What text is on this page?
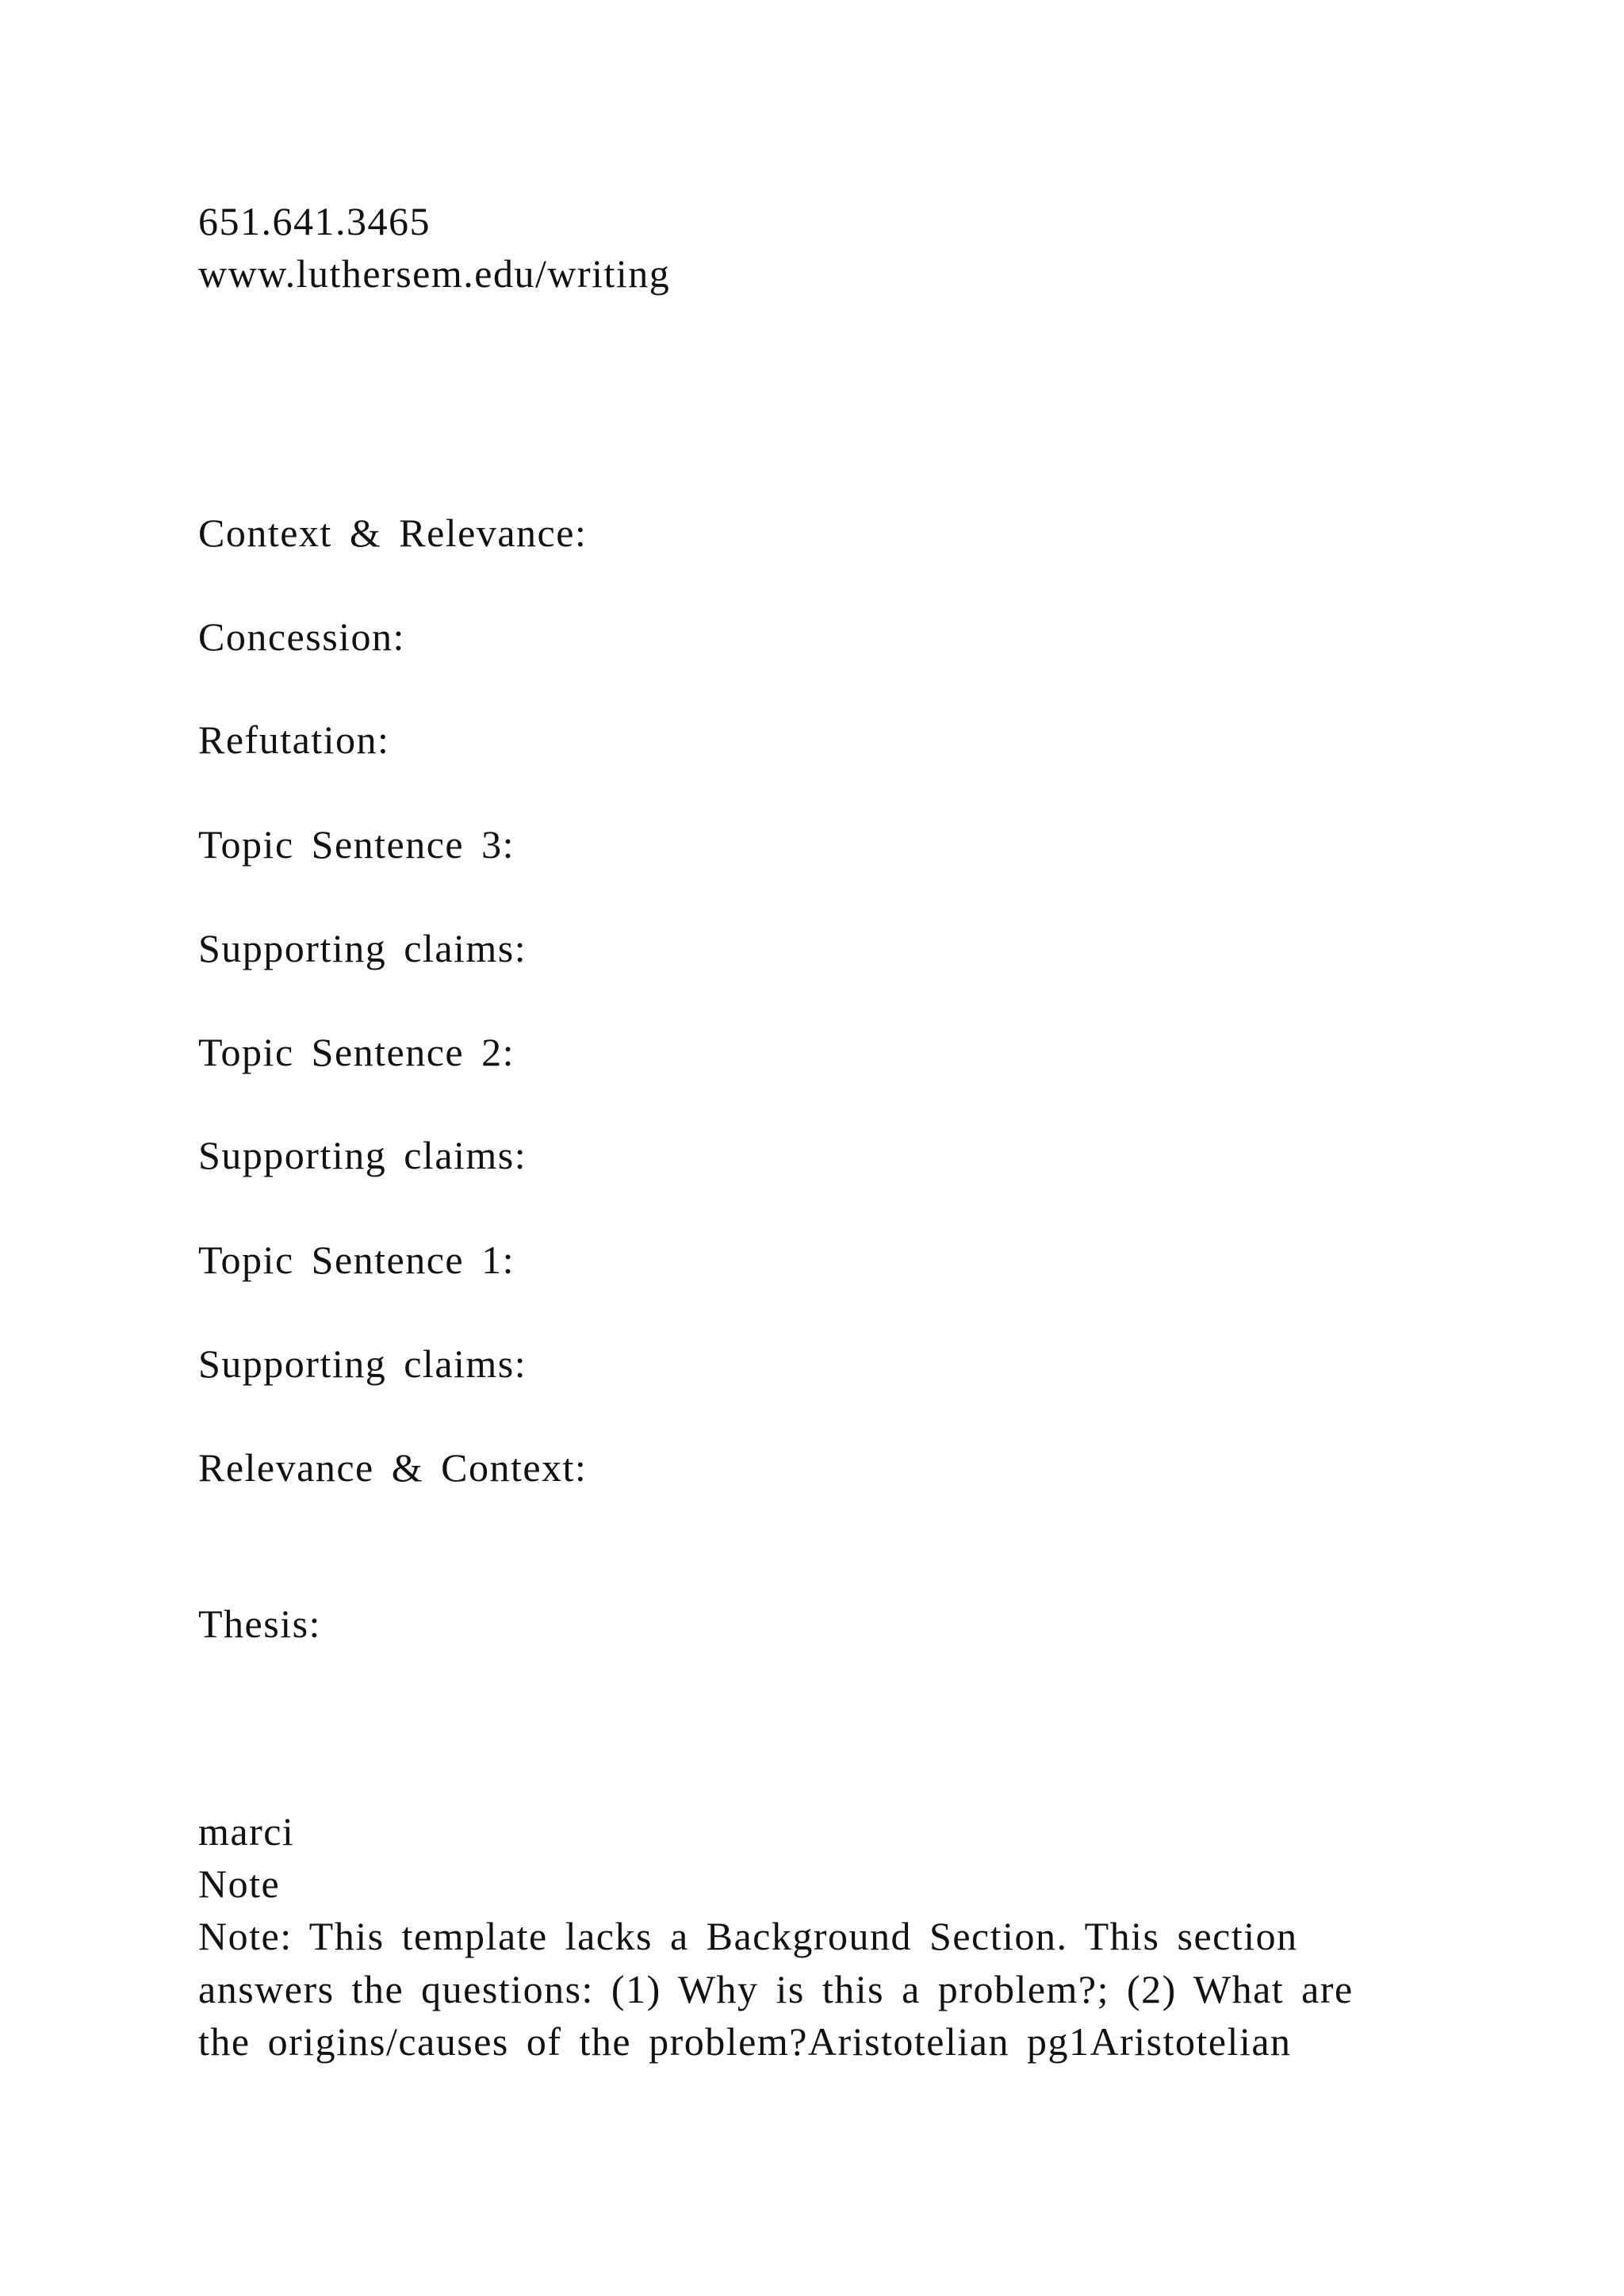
651.641.3465
www.luthersem.edu/writing
Context & Relevance:
Concession:
Refutation:
Topic Sentence 3:
Supporting claims:
Topic Sentence 2:
Supporting claims:
Topic Sentence 1:
Supporting claims:
Relevance & Context:
Thesis:
marci
Note
Note: This template lacks a Background Section. This section
answers the questions: (1) Why is this a problem?; (2) What are
the origins/causes of the problem?Aristotelian pg1Aristotelian
